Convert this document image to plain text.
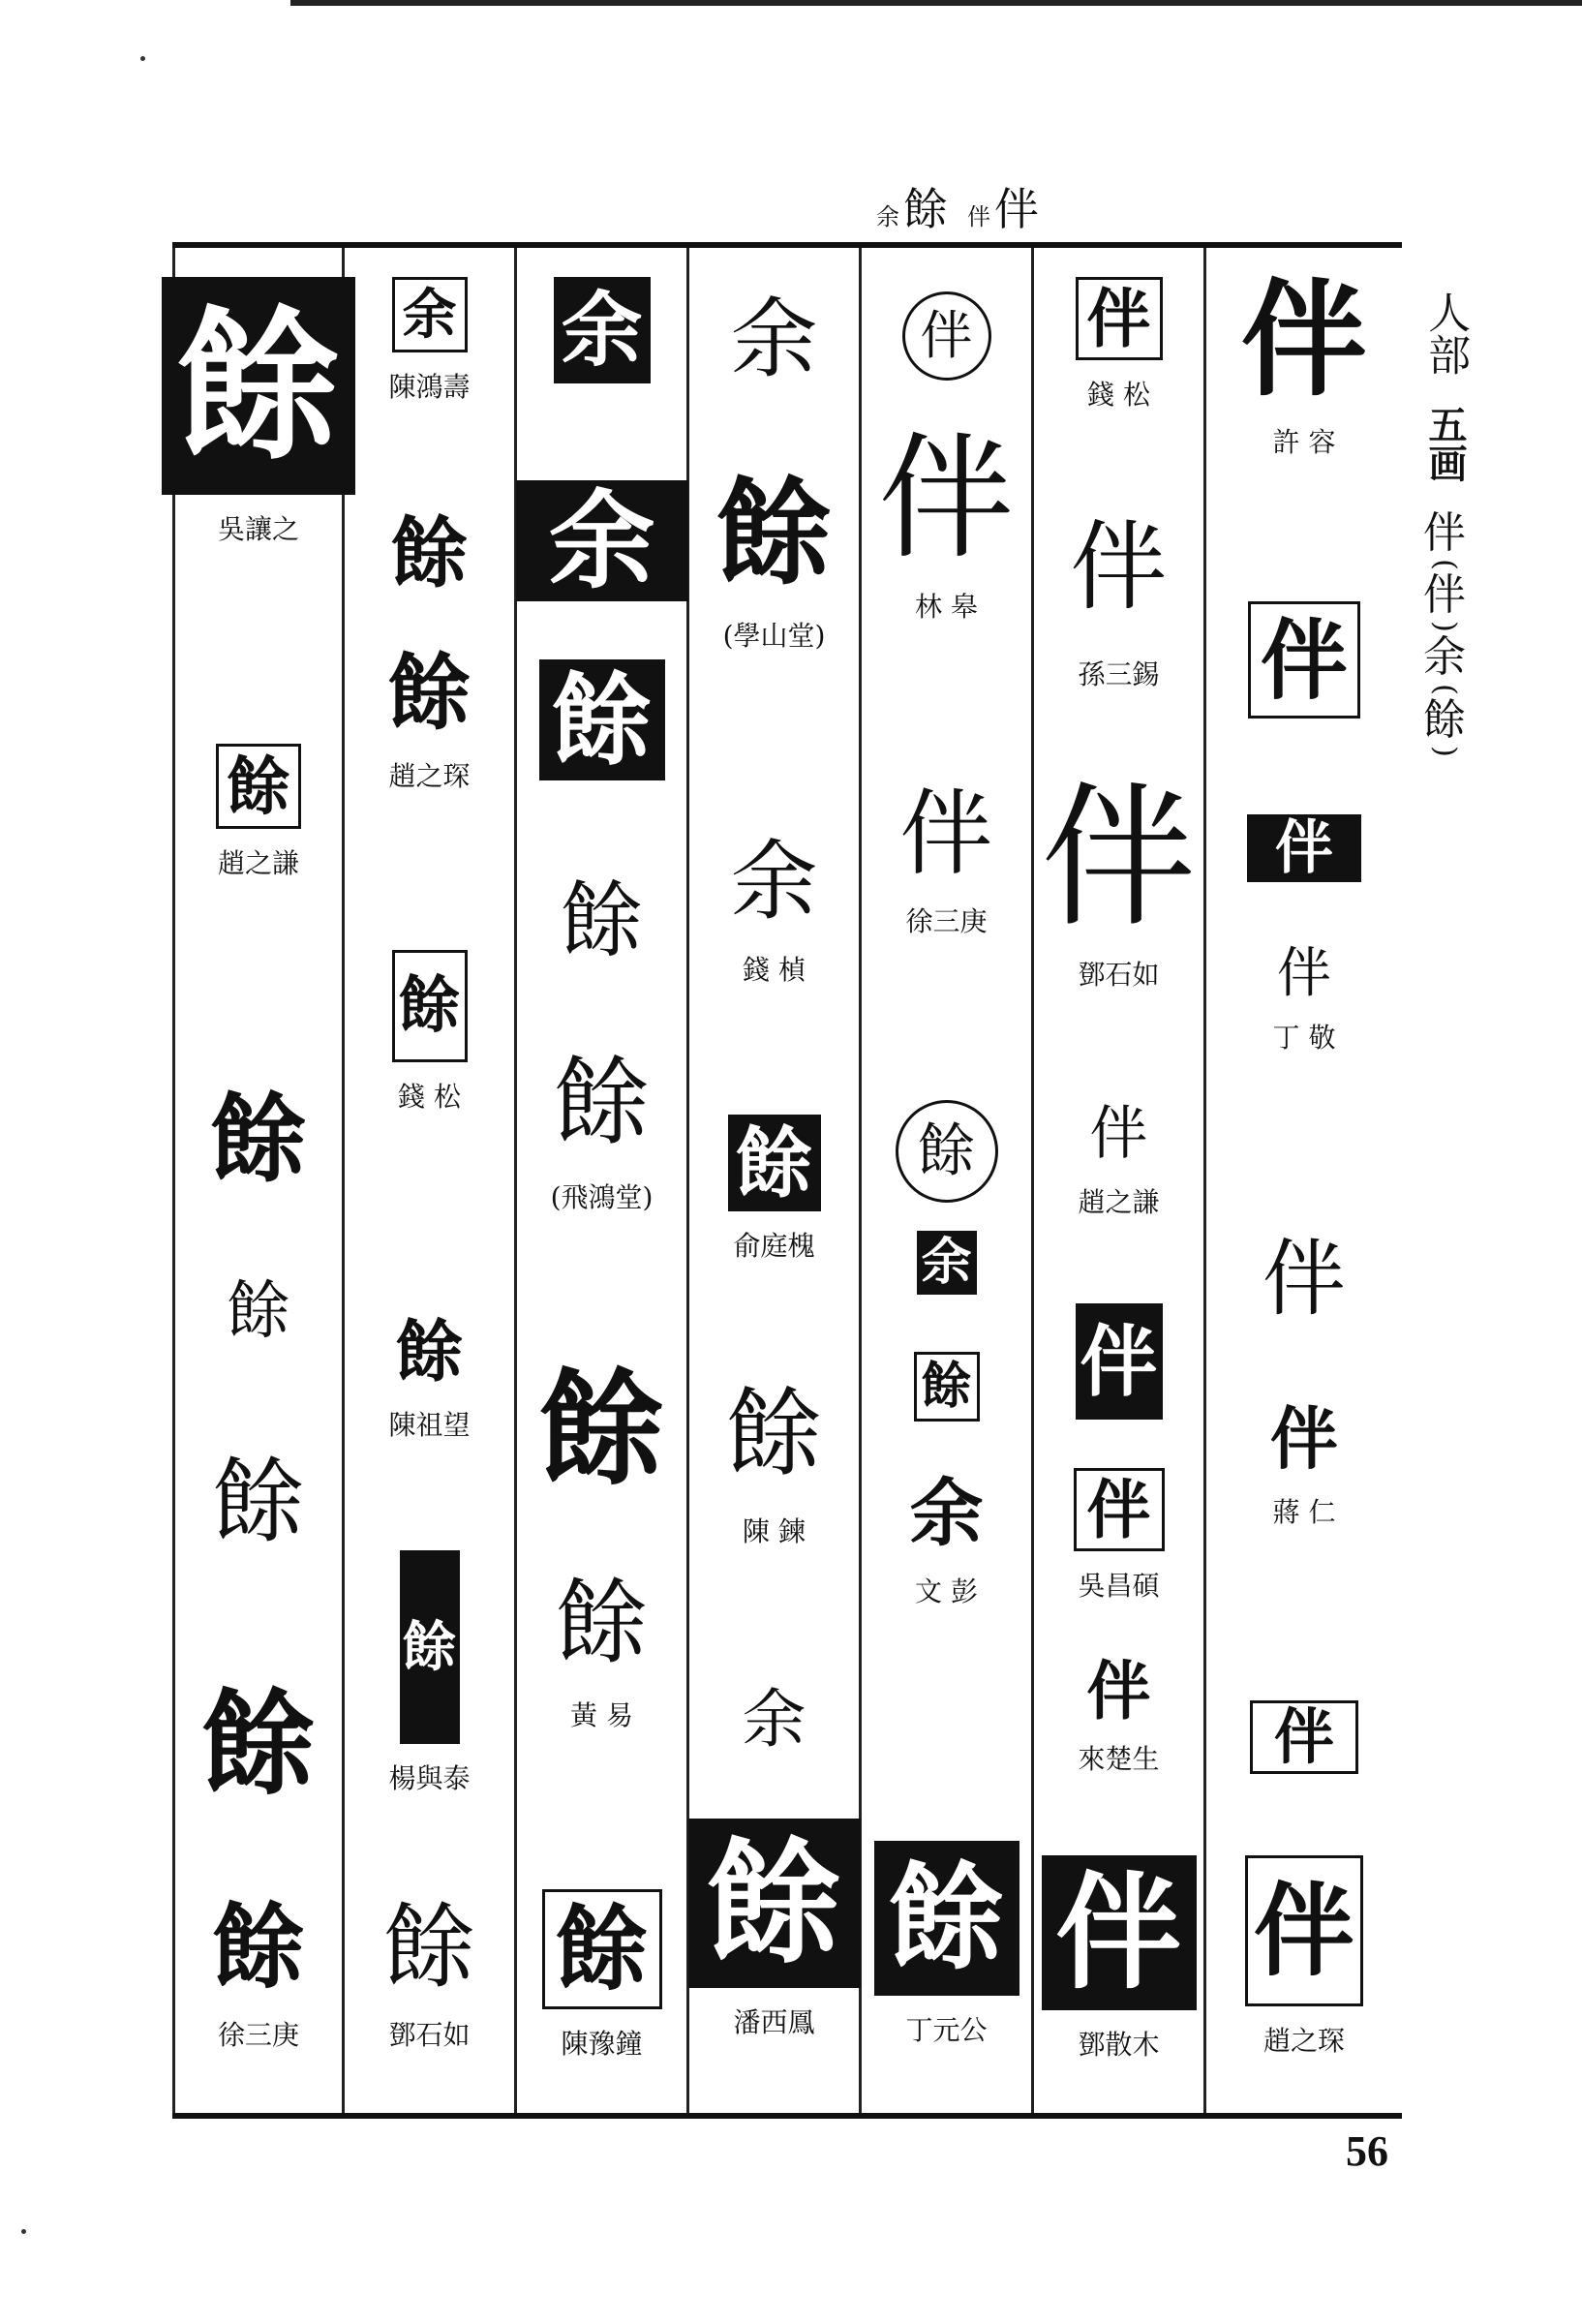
余 餘 伴 伴
餘
吳讓之
餘
趙之謙
餘
餘
餘
餘
餘
徐三庚
余
陳鴻壽
餘
餘
趙之琛
餘
錢 松
餘
陳祖望
餘
楊與泰
餘
鄧石如
余
余
餘
餘
餘
(飛鴻堂)
餘
餘
黃 易
餘
陳豫鐘
余
餘
(學山堂)
余
錢 楨
餘
俞庭槐
餘
陳 鍊
余
餘
潘西鳳
伴
伴
林 皋
伴
徐三庚
餘
余
餘
余
文 彭
餘
丁元公
伴
錢 松
伴
孫三錫
伴
鄧石如
伴
趙之謙
伴
伴
吳昌碩
伴
來楚生
伴
鄧散木
伴
許 容
伴
伴
伴
丁 敬
伴
伴
蔣 仁
伴
伴
趙之琛
人部
五画
伴
(
伴
)
余
(
餘
)
56
